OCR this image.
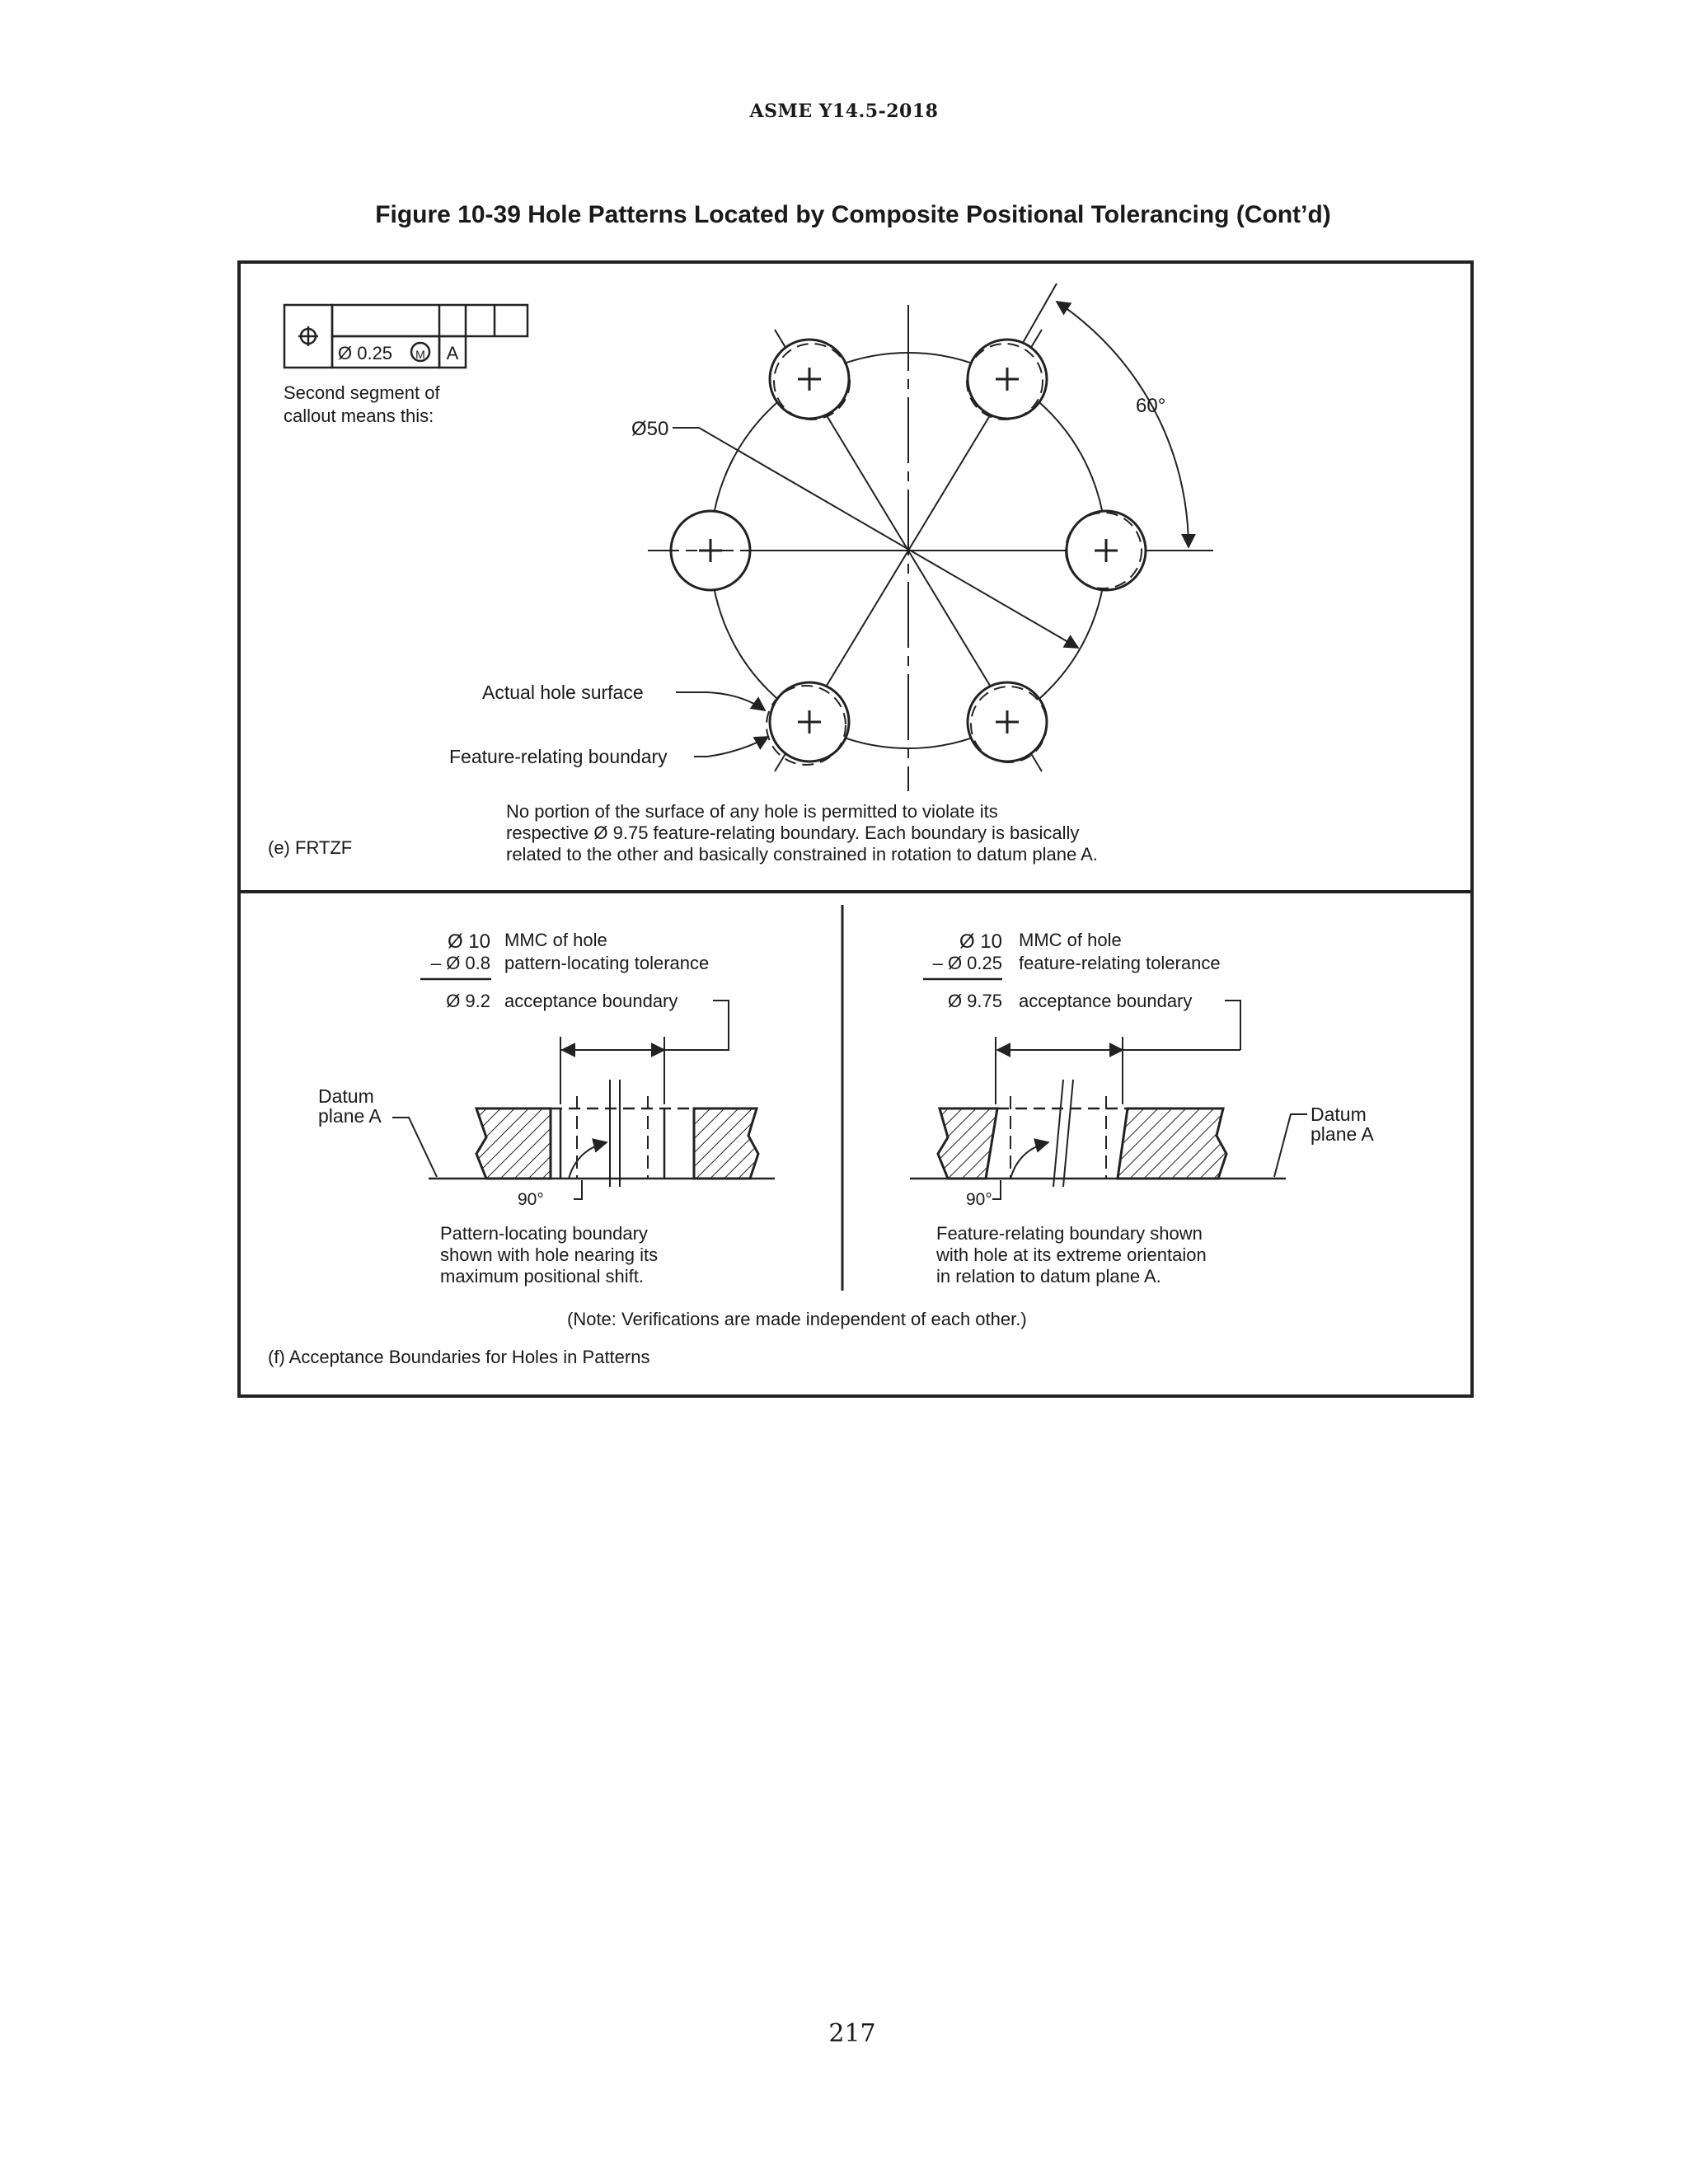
ASME Y14.5-2018
Figure 10-39 Hole Patterns Located by Composite Positional Tolerancing (Cont’d)
Ø 0.25 M A
Second segment of
callout means this:
Ø50
60°
Actual hole surface
Feature-relating boundary
No portion of the surface of any hole is permitted to violate its
respective Ø 9.75 feature-relating boundary. Each boundary is basically
related to the other and basically constrained in rotation to datum plane A.
(e) FRTZF
Ø 10 MMC of hole
– Ø 0.8 pattern-locating tolerance
Ø 9.2 acceptance boundary
Datum
plane A
90°
Pattern-locating boundary
shown with hole nearing its
maximum positional shift.
Ø 10 MMC of hole
– Ø 0.25 feature-relating tolerance
Ø 9.75 acceptance boundary
Datum
plane A
90°
Feature-relating boundary shown
with hole at its extreme orientaion
in relation to datum plane A.
(Note: Verifications are made independent of each other.)
(f) Acceptance Boundaries for Holes in Patterns
217
